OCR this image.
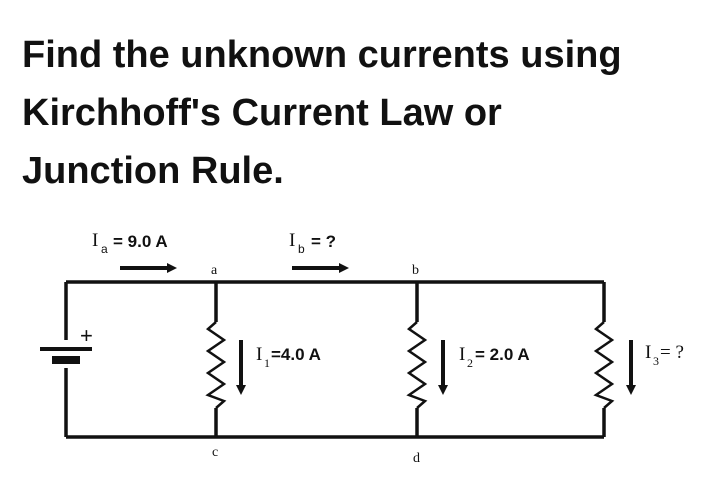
Find the unknown currents using
Kirchhoff's Current Law or
Junction Rule.
+
a	b
c	d
I a = 9.0 A	I b = ?
I 1 =4.0 A	I 2 = 2.0 A	I 3 = ?
